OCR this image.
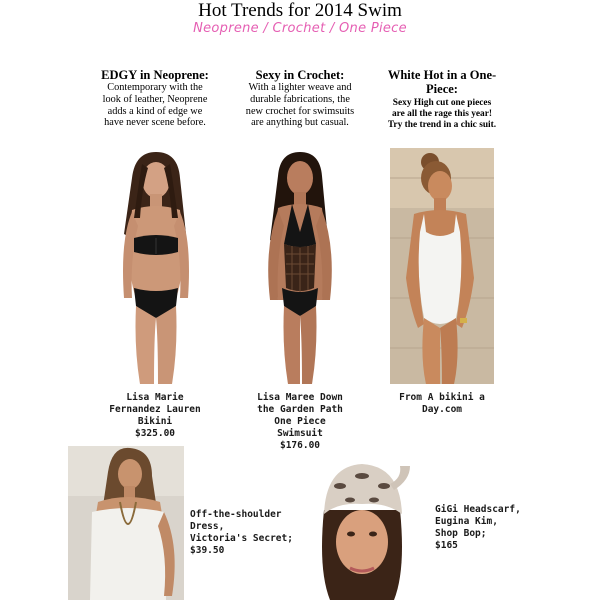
Hot Trends for 2014 Swim
Neoprene / Crochet / One Piece
EDGY in Neoprene:
Contemporary with the
look of leather, Neoprene
adds a kind of edge we
have never scene before.
Sexy in Crochet:
With a lighter weave and
durable fabrications, the
new crochet for swimsuits
are anything but casual.
White Hot in a One-Piece:
Sexy High cut one pieces
are all the rage this year!
Try the trend in a chic suit.
Lisa Marie
Fernandez Lauren
Bikini
$325.00
Lisa Maree Down
the Garden Path
One Piece
Swimsuit
$176.00
From A bikini a
Day.com
Off-the-shoulder
Dress,
Victoria's Secret;
$39.50
GiGi Headscarf,
Eugina Kim,
Shop Bop;
$165
